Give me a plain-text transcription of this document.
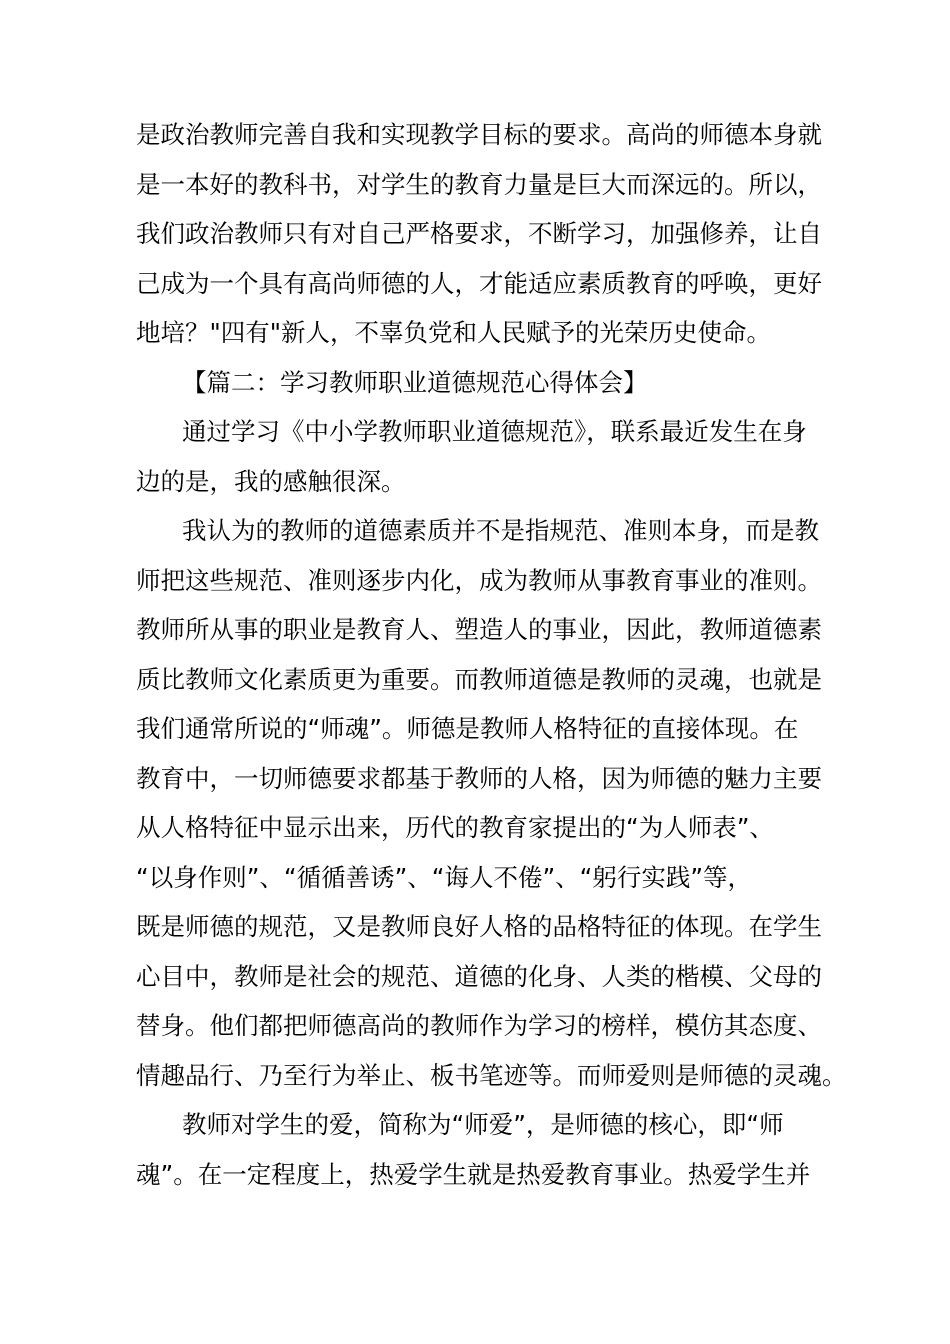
是政治教师完善自我和实现教学目标的要求。高尚的师德本身就
是一本好的教科书，对学生的教育力量是巨大而深远的。所以，
我们政治教师只有对自己严格要求，不断学习，加强修养，让自
己成为一个具有高尚师德的人，才能适应素质教育的呼唤，更好
地培？"四有"新人，不辜负党和人民赋予的光荣历史使命。
【篇二：学习教师职业道德规范心得体会】
通过学习《中小学教师职业道德规范》，联系最近发生在身
边的是，我的感触很深。
我认为的教师的道德素质并不是指规范、准则本身，而是教
师把这些规范、准则逐步内化，成为教师从事教育事业的准则。
教师所从事的职业是教育人、塑造人的事业，因此，教师道德素
质比教师文化素质更为重要。而教师道德是教师的灵魂，也就是
我们通常所说的“师魂”。师德是教师人格特征的直接体现。在
教育中，一切师德要求都基于教师的人格，因为师德的魅力主要
从人格特征中显示出来，历代的教育家提出的“为人师表”、
“以身作则”、“循循善诱”、“诲人不倦”、“躬行实践”等，
既是师德的规范，又是教师良好人格的品格特征的体现。在学生
心目中，教师是社会的规范、道德的化身、人类的楷模、父母的
替身。他们都把师德高尚的教师作为学习的榜样，模仿其态度、
情趣品行、乃至行为举止、板书笔迹等。而师爱则是师德的灵魂。
教师对学生的爱，简称为“师爱”，是师德的核心，即“师
魂”。在一定程度上，热爱学生就是热爱教育事业。热爱学生并
